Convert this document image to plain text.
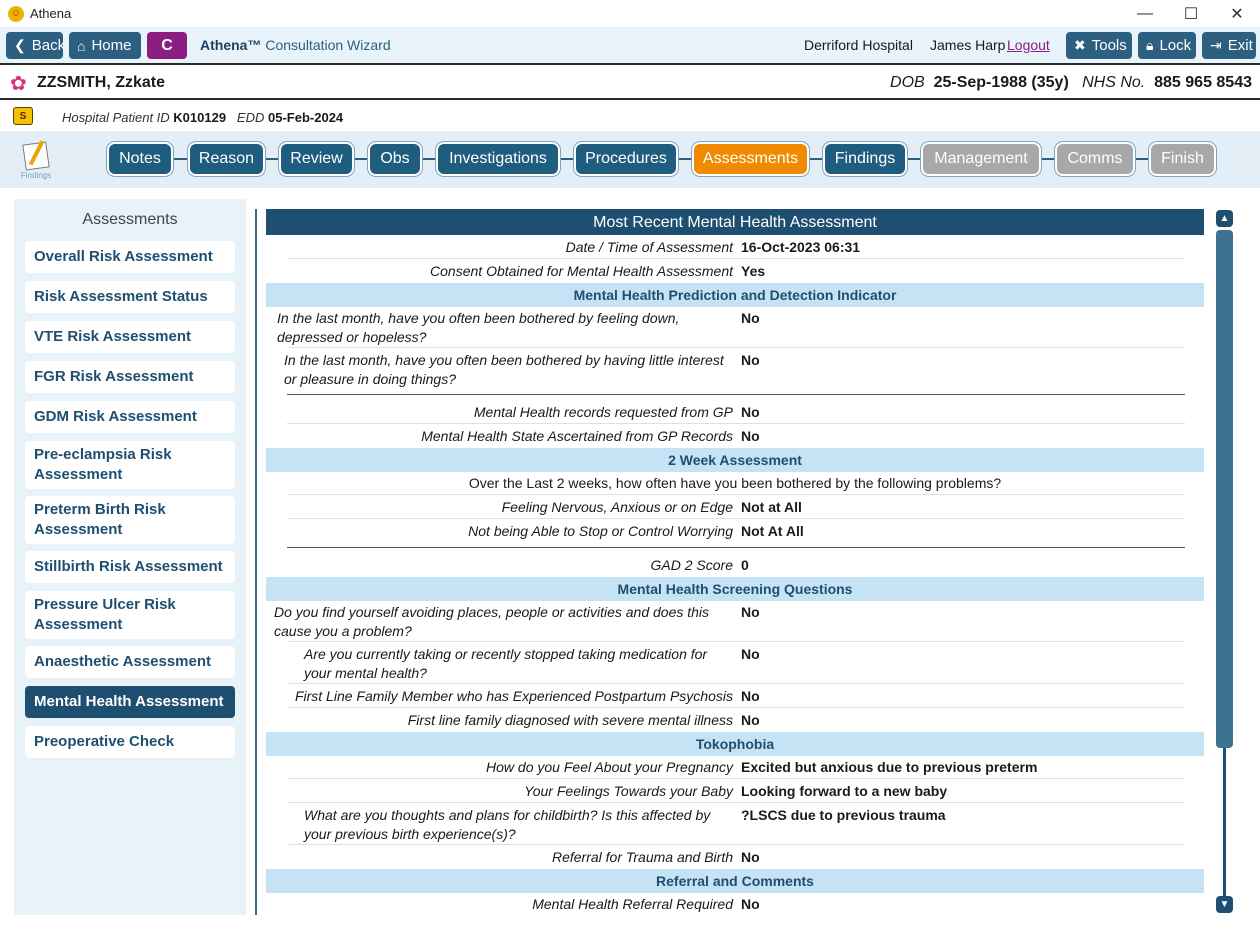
☺ Athena	—	☐	✕
❮ Back ⌂ Home	C	Athena™ Consultation Wizard	Derriford Hospital James Harp Logout ✖ Tools 🔒︎ Lock ⇥ Exit
✿ ZZSMITH, Zzkate	DOB 25-Sep-1988 (35y) NHS No. 885 965 8543
S	Hospital Patient ID K010129 EDD 05-Feb-2024
Findings
Notes	Reason	Review	Obs	Investigations	Procedures	Assessments	Findings	Management	Comms	Finish
Assessments
Overall Risk Assessment
Risk Assessment Status
VTE Risk Assessment
FGR Risk Assessment
GDM Risk Assessment
Pre-eclampsia Risk Assessment
Preterm Birth Risk Assessment
Stillbirth Risk Assessment
Pressure Ulcer Risk Assessment
Anaesthetic Assessment
Mental Health Assessment
Preoperative Check
Most Recent Mental Health Assessment
Date / Time of Assessment 16-Oct-2023 06:31
Consent Obtained for Mental Health Assessment Yes
Mental Health Prediction and Detection Indicator
In the last month, have you often been bothered by feeling down, depressed or hopeless?
No
In the last month, have you often been bothered by having little interest or pleasure in doing things?
No
Mental Health records requested from GP No
Mental Health State Ascertained from GP Records No
2 Week Assessment
Over the Last 2 weeks, how often have you been bothered by the following problems?
Feeling Nervous, Anxious or on Edge Not at All
Not being Able to Stop or Control Worrying Not At All
GAD 2 Score 0
Mental Health Screening Questions
Do you find yourself avoiding places, people or activities and does this cause you a problem?
No
Are you currently taking or recently stopped taking medication for your mental health?
No
First Line Family Member who has Experienced Postpartum Psychosis No
First line family diagnosed with severe mental illness No
Tokophobia
How do you Feel About your Pregnancy Excited but anxious due to previous preterm
Your Feelings Towards your Baby Looking forward to a new baby
What are you thoughts and plans for childbirth? Is this affected by your previous birth experience(s)?
?LSCS due to previous trauma
Referral for Trauma and Birth No
Referral and Comments
Mental Health Referral Required No
▲
▼
